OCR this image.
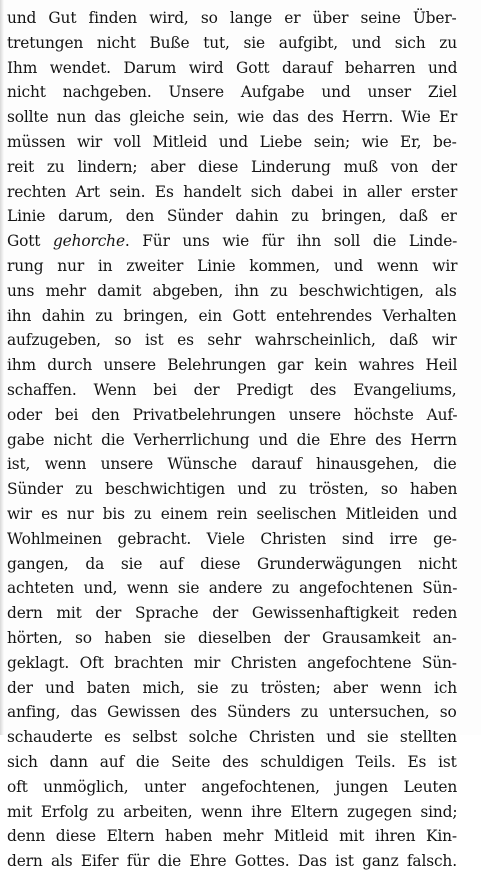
und Gut finden wird, so lange er über seine Über-
tretungen nicht Buße tut, sie aufgibt, und sich zu
Ihm wendet. Darum wird Gott darauf beharren und
nicht nachgeben. Unsere Aufgabe und unser Ziel
sollte nun das gleiche sein, wie das des Herrn. Wie Er
müssen wir voll Mitleid und Liebe sein; wie Er, be-
reit zu lindern; aber diese Linderung muß von der
rechten Art sein. Es handelt sich dabei in aller erster
Linie darum, den Sünder dahin zu bringen, daß er
Gott gehorche. Für uns wie für ihn soll die Linde-
rung nur in zweiter Linie kommen, und wenn wir
uns mehr damit abgeben, ihn zu beschwichtigen, als
ihn dahin zu bringen, ein Gott entehrendes Verhalten
aufzugeben, so ist es sehr wahrscheinlich, daß wir
ihm durch unsere Belehrungen gar kein wahres Heil
schaffen. Wenn bei der Predigt des Evangeliums,
oder bei den Privatbelehrungen unsere höchste Auf-
gabe nicht die Verherrlichung und die Ehre des Herrn
ist, wenn unsere Wünsche darauf hinausgehen, die
Sünder zu beschwichtigen und zu trösten, so haben
wir es nur bis zu einem rein seelischen Mitleiden und
Wohlmeinen gebracht. Viele Christen sind irre ge-
gangen, da sie auf diese Grunderwägungen nicht
achteten und, wenn sie andere zu angefochtenen Sün-
dern mit der Sprache der Gewissenhaftigkeit reden
hörten, so haben sie dieselben der Grausamkeit an-
geklagt. Oft brachten mir Christen angefochtene Sün-
der und baten mich, sie zu trösten; aber wenn ich
anfing, das Gewissen des Sünders zu untersuchen, so
schauderte es selbst solche Christen und sie stellten
sich dann auf die Seite des schuldigen Teils. Es ist
oft unmöglich, unter angefochtenen, jungen Leuten
mit Erfolg zu arbeiten, wenn ihre Eltern zugegen sind;
denn diese Eltern haben mehr Mitleid mit ihren Kin-
dern als Eifer für die Ehre Gottes. Das ist ganz falsch.
